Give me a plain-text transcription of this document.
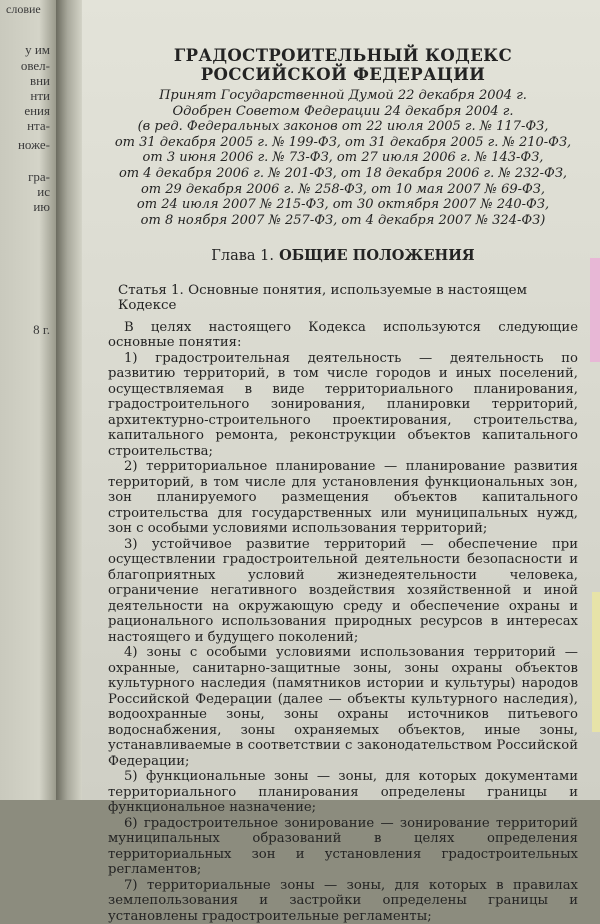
словие
у им
овел-
вни
нти
ения
нта-
ноже-
гра-
ис
ию
8 г.
ГРАДОСТРОИТЕЛЬНЫЙ КОДЕКС
РОССИЙСКОЙ ФЕДЕРАЦИИ
Принят Государственной Думой 22 декабря 2004 г.
Одобрен Советом Федерации 24 декабря 2004 г.
(в ред. Федеральных законов от 22 июля 2005 г. № 117-ФЗ,
от 31 декабря 2005 г. № 199-ФЗ, от 31 декабря 2005 г. № 210-ФЗ,
от 3 июня 2006 г. № 73-ФЗ, от 27 июля 2006 г. № 143-ФЗ,
от 4 декабря 2006 г. № 201-ФЗ, от 18 декабря 2006 г. № 232-ФЗ,
от 29 декабря 2006 г. № 258-ФЗ, от 10 мая 2007 № 69-ФЗ,
от 24 июля 2007 № 215-ФЗ, от 30 октября 2007 № 240-ФЗ,
от 8 ноября 2007 № 257-ФЗ, от 4 декабря 2007 № 324-ФЗ)
Глава 1. ОБЩИЕ ПОЛОЖЕНИЯ
Статья 1. Основные понятия, используемые в настоящем Кодексе

В целях настоящего Кодекса используются следующие основные понятия:

1) градостроительная деятельность — деятельность по развитию территорий, в том числе городов и иных поселений, осуществляемая в виде территориального планирования, градостроительного зонирования, планировки территорий, архитектурно-строительного проектирования, строительства, капитального ремонта, реконструкции объектов капитального строительства;

2) территориальное планирование — планирование развития территорий, в том числе для установления функциональных зон, зон планируемого размещения объектов капитального строительства для государственных или муниципальных нужд, зон с особыми условиями использования территорий;

3) устойчивое развитие территорий — обеспечение при осуществлении градостроительной деятельности безопасности и благоприятных условий жизнедеятельности человека, ограничение негативного воздействия хозяйственной и иной деятельности на окружающую среду и обеспечение охраны и рационального использования природных ресурсов в интересах настоящего и будущего поколений;

4) зоны с особыми условиями использования территорий — охранные, санитарно-защитные зоны, зоны охраны объектов культурного наследия (памятников истории и культуры) народов Российской Федерации (далее — объекты культурного наследия), водоохранные зоны, зоны охраны источников питьевого водоснабжения, зоны охраняемых объектов, иные зоны, устанавливаемые в соответствии с законодательством Российской Федерации;

5) функциональные зоны — зоны, для которых документами территориального планирования определены границы и функциональное назначение;

6) градостроительное зонирование — зонирование территорий муниципальных образований в целях определения территориальных зон и установления градостроительных регламентов;

7) территориальные зоны — зоны, для которых в правилах землепользования и застройки определены границы и установлены градостроительные регламенты;
